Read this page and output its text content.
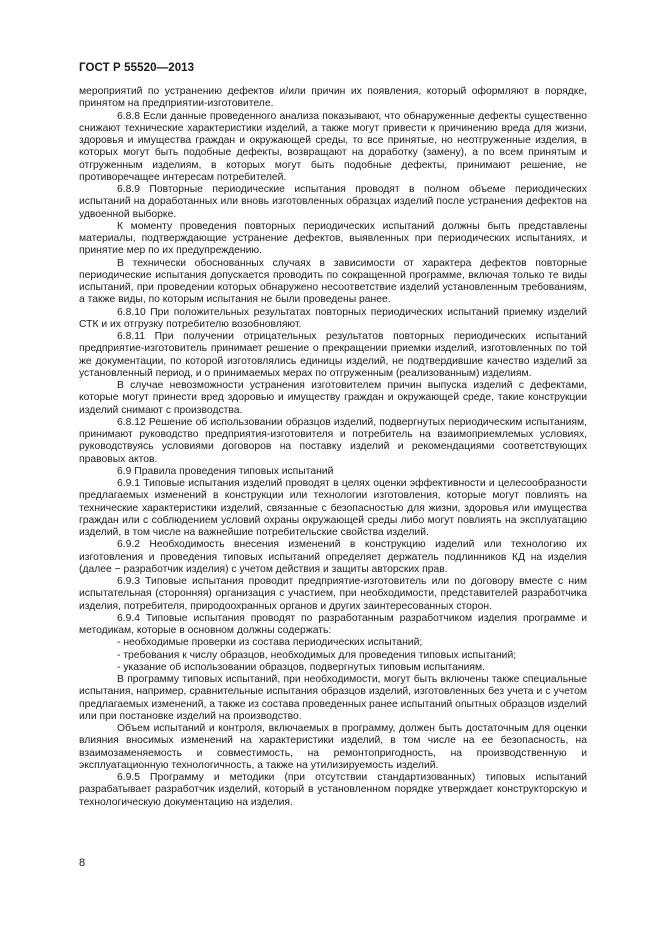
ГОСТ Р 55520—2013

мероприятий по устранению дефектов и/или причин их появления, который оформляют в порядке, принятом на предприятии-изготовителе.

6.8.8 Если данные проведенного анализа показывают, что обнаруженные дефекты существенно снижают технические характеристики изделий, а также могут привести к причинению вреда для жизни, здоровья и имущества граждан и окружающей среды, то все принятые, но неотгруженные изделия, в которых могут быть подобные дефекты, возвращают на доработку (замену), а по всем принятым и отгруженным изделиям, в которых могут быть подобные дефекты, принимают решение, не противоречащее интересам потребителей.

6.8.9 Повторные периодические испытания проводят в полном объеме периодических испытаний на доработанных или вновь изготовленных образцах изделий после устранения дефектов на удвоенной выборке.

К моменту проведения повторных периодических испытаний должны быть представлены материалы, подтверждающие устранение дефектов, выявленных при периодических испытаниях, и принятие мер по их предупреждению.

В технически обоснованных случаях в зависимости от характера дефектов повторные периодические испытания допускается проводить по сокращенной программе, включая только те виды испытаний, при проведении которых обнаружено несоответствие изделий установленным требованиям, а также виды, по которым испытания не были проведены ранее.

6.8.10 При положительных результатах повторных периодических испытаний приемку изделий СТК и их отгрузку потребителю возобновляют.

6.8.11 При получении отрицательных результатов повторных периодических испытаний предприятие-изготовитель принимает решение о прекращении приемки изделий, изготовленных по той же документации, по которой изготовлялись единицы изделий, не подтвердившие качество изделий за установленный период, и о принимаемых мерах по отгруженным (реализованным) изделиям.

В случае невозможности устранения изготовителем причин выпуска изделий с дефектами, которые могут принести вред здоровью и имуществу граждан и окружающей среде, такие конструкции изделий снимают с производства.

6.8.12 Решение об использовании образцов изделий, подвергнутых периодическим испытаниям, принимают руководство предприятия-изготовителя и потребитель на взаимоприемлемых условиях, руководствуясь условиями договоров на поставку изделий и рекомендациями соответствующих правовых актов.

6.9 Правила проведения типовых испытаний

6.9.1 Типовые испытания изделий проводят в целях оценки эффективности и целесообразности предлагаемых изменений в конструкции или технологии изготовления, которые могут повлиять на технические характеристики изделий, связанные с безопасностью для жизни, здоровья или имущества граждан или с соблюдением условий охраны окружающей среды либо могут повлиять на эксплуатацию изделий, в том числе на важнейшие потребительские свойства изделий.

6.9.2 Необходимость внесения изменений в конструкцию изделий или технологию их изготовления и проведения типовых испытаний определяет держатель подлинников КД на изделия (далее − разработчик изделия) с учетом действия и защиты авторских прав.

6.9.3 Типовые испытания проводит предприятие-изготовитель или по договору вместе с ним испытательная (сторонняя) организация с участием, при необходимости, представителей разработчика изделия, потребителя, природоохранных органов и других заинтересованных сторон.

6.9.4 Типовые испытания проводят по разработанным разработчиком изделия программе и методикам, которые в основном должны содержать:

- необходимые проверки из состава периодических испытаний;

- требования к числу образцов, необходимых для проведения типовых испытаний;

- указание об использовании образцов, подвергнутых типовым испытаниям.

В программу типовых испытаний, при необходимости, могут быть включены также специальные испытания, например, сравнительные испытания образцов изделий, изготовленных без учета и с учетом предлагаемых изменений, а также из состава проведенных ранее испытаний опытных образцов изделий или при постановке изделий на производство.

Объем испытаний и контроля, включаемых в программу, должен быть достаточным для оценки влияния вносимых изменений на характеристики изделий, в том числе на ее безопасность, на взаимозаменяемость и совместимость, на ремонтопригодность, на производственную и эксплуатационную технологичность, а также на утилизируемость изделий.

6.9.5 Программу и методики (при отсутствии стандартизованных) типовых испытаний разрабатывает разработчик изделий, который в установленном порядке утверждает конструкторскую и технологическую документацию на изделия.

8
